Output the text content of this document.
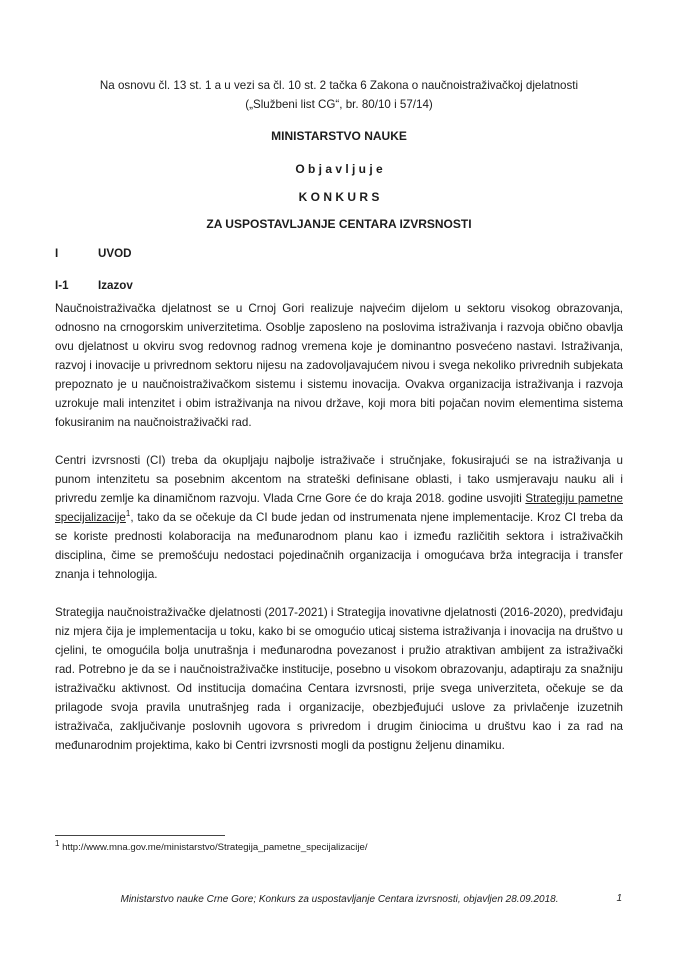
Na osnovu čl. 13 st. 1 a u vezi sa čl. 10 st. 2 tačka 6 Zakona o naučnoistraživačkoj djelatnosti
(„Službeni list CG“, br. 80/10 i 57/14)
MINISTARSTVO NAUKE
O b j a v l j u j e
K O N K U R S
ZA USPOSTAVLJANJE CENTARA IZVRSNOSTI
I	UVOD
I-1	Izazov

Naučnoistraživačka djelatnost se u Crnoj Gori realizuje najvećim dijelom u sektoru visokog obrazovanja, odnosno na crnogorskim univerzitetima. Osoblje zaposleno na poslovima istraživanja i razvoja obično obavlja ovu djelatnost u okviru svog redovnog radnog vremena koje je dominantno posvećeno nastavi. Istraživanja, razvoj i inovacije u privrednom sektoru nijesu na zadovoljavajućem nivou i svega nekoliko privrednih subjekata prepoznato je u naučnoistraživačkom sistemu i sistemu inovacija. Ovakva organizacija istraživanja i razvoja uzrokuje mali intenzitet i obim istraživanja na nivou države, koji mora biti pojačan novim elementima sistema fokusiranim na naučnoistraživački rad.

Centri izvrsnosti (CI) treba da okupljaju najbolje istraživače i stručnjake, fokusirajući se na istraživanja u punom intenzitetu sa posebnim akcentom na strateški definisane oblasti, i tako usmjeravaju nauku ali i privredu zemlje ka dinamičnom razvoju. Vlada Crne Gore će do kraja 2018. godine usvojiti Strategiju pametne specijalizacije$^1$, tako da se očekuje da CI bude jedan od instrumenata njene implementacije. Kroz CI treba da se koriste prednosti kolaboracija na međunarodnom planu kao i između različitih sektora i istraživačkih disciplina, čime se premošćuju nedostaci pojedinačnih organizacija i omogućava brža integracija i transfer znanja i tehnologija.

Strategija naučnoistraživačke djelatnosti (2017-2021) i Strategija inovativne djelatnosti (2016-2020), predviđaju niz mjera čija je implementacija u toku, kako bi se omogućio uticaj sistema istraživanja i inovacija na društvo u cjelini, te omogućila bolja unutrašnja i međunarodna povezanost i pružio atraktivan ambijent za istraživački rad. Potrebno je da se i naučnoistraživačke institucije, posebno u visokom obrazovanju, adaptiraju za snažniju istraživačku aktivnost. Od institucija domaćina Centara izvrsnosti, prije svega univerziteta, očekuje se da prilagode svoja pravila unutrašnjeg rada i organizacije, obezbjeđujući uslove za privlačenje izuzetnih istraživača, zaključivanje poslovnih ugovora s privredom i drugim činiocima u društvu kao i za rad na međunarodnim projektima, kako bi Centri izvrsnosti mogli da postignu željenu dinamiku.

$^1$ http://www.mna.gov.me/ministarstvo/Strategija_pametne_specijalizacije/
Ministarstvo nauke Crne Gore; Konkurs za uspostavljanje Centara izvrsnosti, objavljen 28.09.2018.	1
